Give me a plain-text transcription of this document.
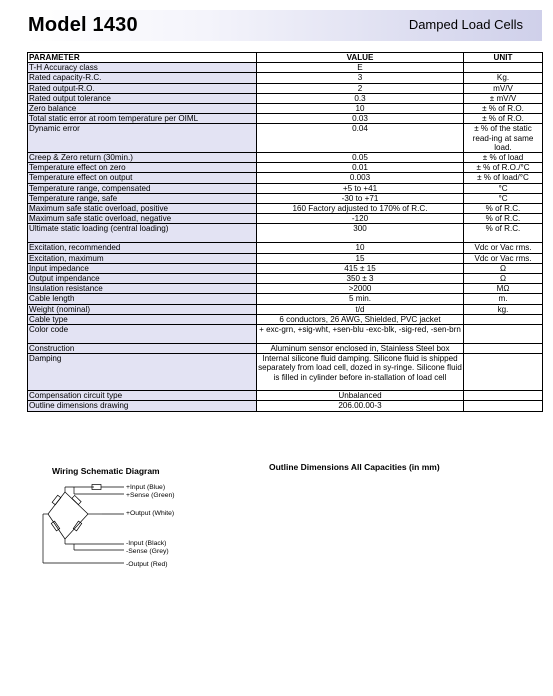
Model 1430	Damped Load Cells
PARAMETER	VALUE	UNIT
T-H Accuracy class	E	
Rated capacity-R.C.	3	Kg.
Rated output-R.O.	2	mV/V
Rated output tolerance	0.3	± mV/V
Zero balance	10	± % of R.O.
Total static error at room temperature per OIML	0.03	± % of R.O.
Dynamic error	0.04	± % of the static read-ing at same load.
Creep & Zero return (30min.)	0.05	± % of load
Temperature effect on zero	0.01	± % of R.O./°C
Temperature effect on output	0.003	± % of load/°C
Temperature range, compensated	+5 to +41	°C
Temperature range, safe	-30 to +71	°C
Maximum safe static overload, positive	160 Factory adjusted to 170% of R.C.	% of R.C.
Maximum safe static overload, negative	-120	% of R.C.
Ultimate static loading (central loading)	300	% of R.C.
Excitation, recommended	10	Vdc or Vac rms.
Excitation, maximum	15	Vdc or Vac rms.
Input impedance	415 ± 15	Ω
Output impendance	350 ± 3	Ω
Insulation resistance	>2000	MΩ
Cable length	5 min.	m.
Weight (nominal)	t/d	kg.
Cable type	6 conductors, 26 AWG, Shielded, PVC jacket	
Color code	+ exc-grn, +sig-wht, +sen-blu -exc-blk, -sig-red, -sen-brn	
Construction	Aluminum sensor enclosed in, Stainless Steel box	
Damping	Internal silicone fluid damping. Silicone fluid is shipped separately from load cell, dozed in sy-ringe. Silicone fluid is filled in cylinder before in-stallation of load cell	
Compensation circuit type	Unbalanced	
Outline dimensions drawing	206.00.00-3	
Wiring Schematic Diagram	Outline Dimensions All Capacities (in mm)
+Input (Blue)
+Sense (Green)
+Output (White)
-Input (Black)
-Sense (Grey)
-Output (Red)
